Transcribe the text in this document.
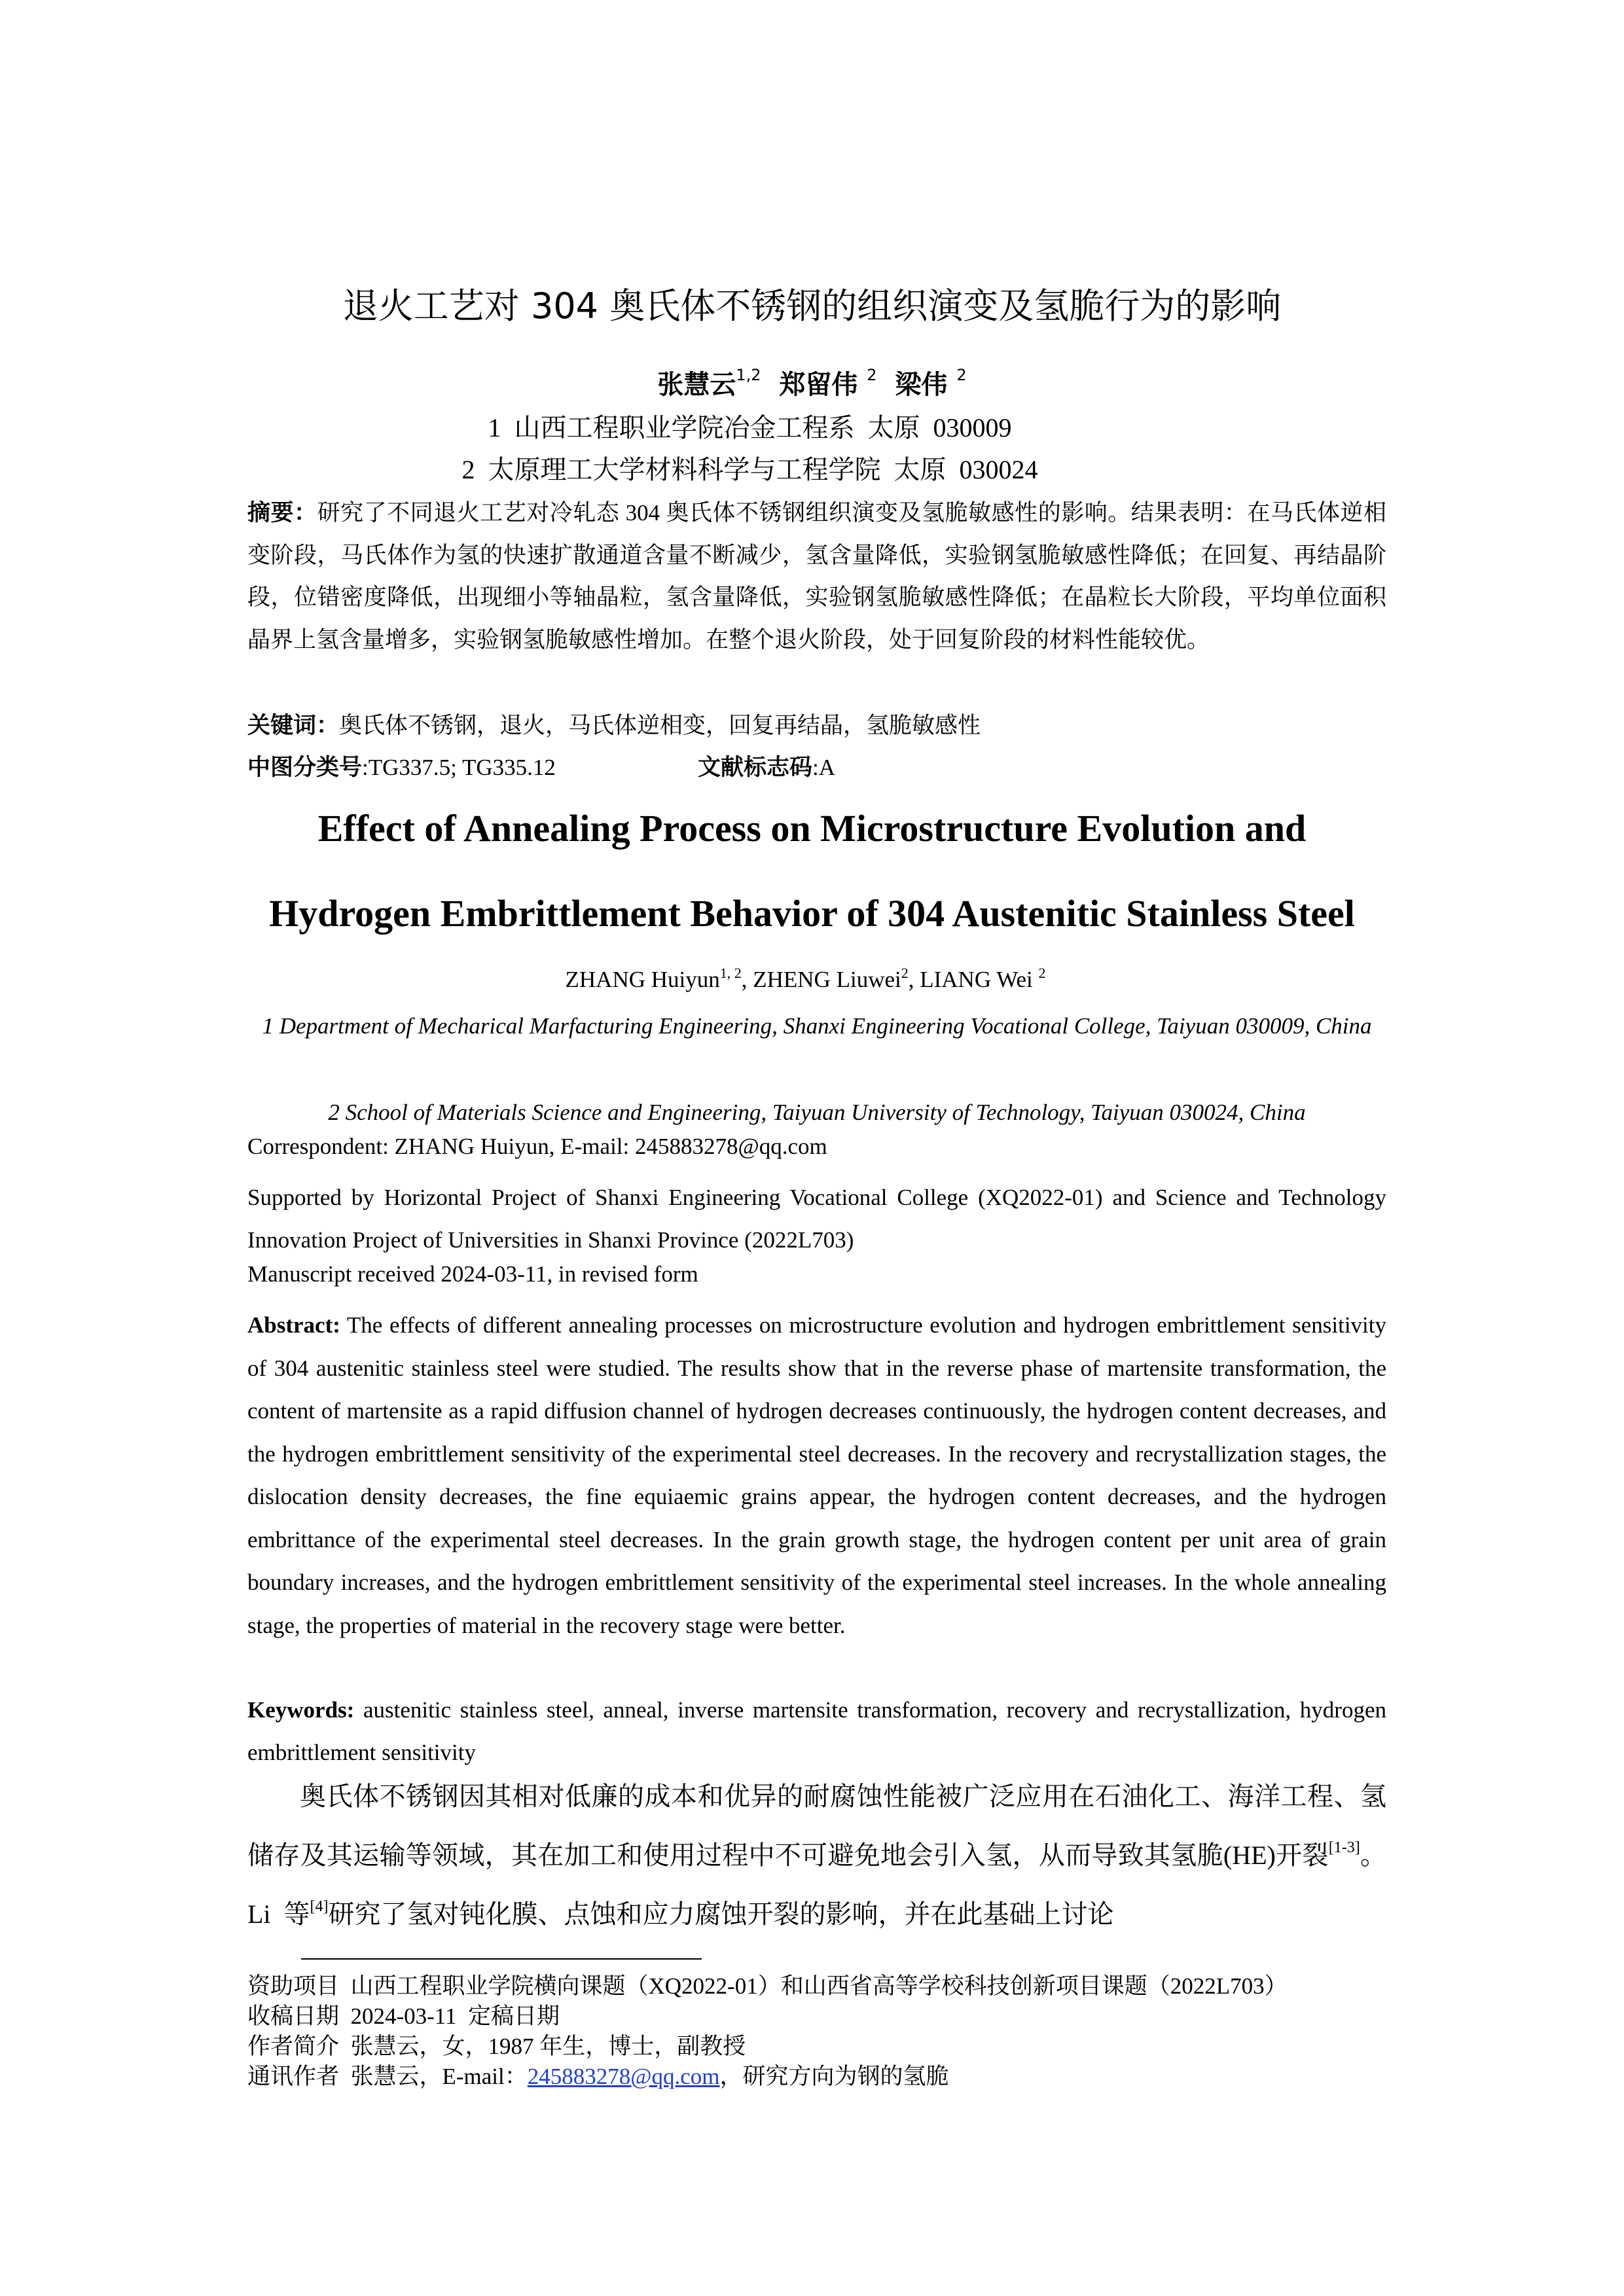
退火工艺对 304 奥氏体不锈钢的组织演变及氢脆行为的影响
张慧云$^{1,2}$ 郑留伟 $^2$ 梁伟 $^2$
1  山西工程职业学院冶金工程系  太原  030009
2  太原理工大学材料科学与工程学院  太原  030024
摘要：研究了不同退火工艺对冷轧态 304 奥氏体不锈钢组织演变及氢脆敏感性的影响。结果表明：在马氏体逆相变阶段，马氏体作为氢的快速扩散通道含量不断减少，氢含量降低，实验钢氢脆敏感性降低；在回复、再结晶阶段，位错密度降低，出现细小等轴晶粒，氢含量降低，实验钢氢脆敏感性降低；在晶粒长大阶段，平均单位面积晶界上氢含量增多，实验钢氢脆敏感性增加。在整个退火阶段，处于回复阶段的材料性能较优。
关键词：奥氏体不锈钢，退火，马氏体逆相变，回复再结晶，氢脆敏感性
中图分类号:TG337.5; TG335.12	文献标志码:A
Effect of Annealing Process on Microstructure Evolution and
Hydrogen Embrittlement Behavior of 304 Austenitic Stainless Steel
ZHANG Huiyun$^{1, 2}$, ZHENG Liuwei$^2$, LIANG Wei $^2$
1 Department of Mecharical Marfacturing Engineering, Shanxi Engineering Vocational College, Taiyuan 030009, China
2 School of Materials Science and Engineering, Taiyuan University of Technology, Taiyuan 030024, China
Correspondent: ZHANG Huiyun, E-mail: 245883278@qq.com
Supported by Horizontal Project of Shanxi Engineering Vocational College (XQ2022-01) and Science and Technology Innovation Project of Universities in Shanxi Province (2022L703)
Manuscript received 2024-03-11, in revised form
Abstract: The effects of different annealing processes on microstructure evolution and hydrogen embrittlement sensitivity of 304 austenitic stainless steel were studied. The results show that in the reverse phase of martensite transformation, the content of martensite as a rapid diffusion channel of hydrogen decreases continuously, the hydrogen content decreases, and the hydrogen embrittlement sensitivity of the experimental steel decreases. In the recovery and recrystallization stages, the dislocation density decreases, the fine equiaemic grains appear, the hydrogen content decreases, and the hydrogen embrittance of the experimental steel decreases. In the grain growth stage, the hydrogen content per unit area of grain boundary increases, and the hydrogen embrittlement sensitivity of the experimental steel increases. In the whole annealing stage, the properties of material in the recovery stage were better.
Keywords: austenitic stainless steel, anneal, inverse martensite transformation, recovery and recrystallization, hydrogen embrittlement sensitivity
奥氏体不锈钢因其相对低廉的成本和优异的耐腐蚀性能被广泛应用在石油化工、海洋工程、氢储存及其运输等领域，其在加工和使用过程中不可避免地会引入氢，从而导致其氢脆(HE)开裂[1-3]。Li  等[4]研究了氢对钝化膜、点蚀和应力腐蚀开裂的影响，并在此基础上讨论
资助项目  山西工程职业学院横向课题（XQ2022-01）和山西省高等学校科技创新项目课题（2022L703）
收稿日期  2024-03-11  定稿日期
作者简介  张慧云，女，1987 年生，博士，副教授
通讯作者  张慧云，E-mail：245883278@qq.com，研究方向为钢的氢脆
